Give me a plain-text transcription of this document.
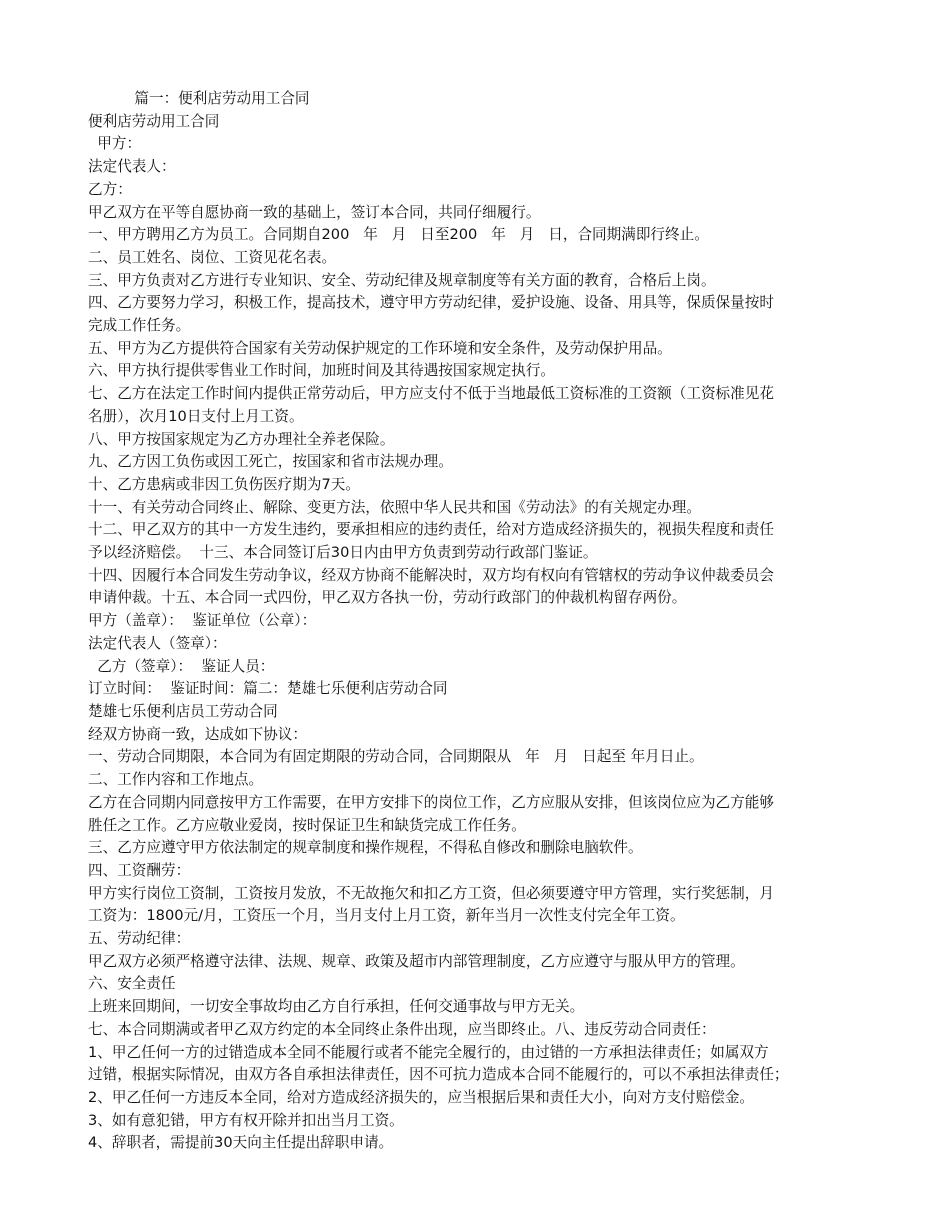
篇一：便利店劳动用工合同
便利店劳动用工合同
甲方：
法定代表人：
乙方：
甲乙双方在平等自愿协商一致的基础上，签订本合同，共同仔细履行。
一、甲方聘用乙方为员工。合同期自200   年   月   日至200   年   月   日，合同期满即行终止。
二、员工姓名、岗位、工资见花名表。
三、甲方负责对乙方进行专业知识、安全、劳动纪律及规章制度等有关方面的教育，合格后上岗。
四、乙方要努力学习，积极工作，提高技术，遵守甲方劳动纪律，爱护设施、设备、用具等，保质保量按时
完成工作任务。
五、甲方为乙方提供符合国家有关劳动保护规定的工作环境和安全条件，及劳动保护用品。
六、甲方执行提供零售业工作时间，加班时间及其待遇按国家规定执行。
七、乙方在法定工作时间内提供正常劳动后，甲方应支付不低于当地最低工资标准的工资额（工资标准见花
名册），次月10日支付上月工资。
八、甲方按国家规定为乙方办理社全养老保险。
九、乙方因工负伤或因工死亡，按国家和省市法规办理。
十、乙方患病或非因工负伤医疗期为7天。
十一、有关劳动合同终止、解除、变更方法，依照中华人民共和国《劳动法》的有关规定办理。
十二、甲乙双方的其中一方发生违约，要承担相应的违约责任，给对方造成经济损失的，视损失程度和责任
予以经济赔偿。  十三、本合同签订后30日内由甲方负责到劳动行政部门鉴证。
十四、因履行本合同发生劳动争议，经双方协商不能解决时，双方均有权向有管辖权的劳动争议仲裁委员会
申请仲裁。十五、本合同一式四份，甲乙双方各执一份，劳动行政部门的仲裁机构留存两份。
甲方（盖章）：  鉴证单位（公章）：
法定代表人（签章）：
乙方（签章）：  鉴证人员：
订立时间：  鉴证时间：篇二：楚雄七乐便利店劳动合同
楚雄七乐便利店员工劳动合同
经双方协商一致，达成如下协议：
一、劳动合同期限，本合同为有固定期限的劳动合同，合同期限从   年   月   日起至 年月日止。
二、工作内容和工作地点。
乙方在合同期内同意按甲方工作需要，在甲方安排下的岗位工作，乙方应服从安排，但该岗位应为乙方能够
胜任之工作。乙方应敬业爱岗，按时保证卫生和缺货完成工作任务。
三、乙方应遵守甲方依法制定的规章制度和操作规程，不得私自修改和删除电脑软件。
四、工资酬劳：
甲方实行岗位工资制，工资按月发放，不无故拖欠和扣乙方工资，但必须要遵守甲方管理，实行奖惩制，月
工资为：1800元/月，工资压一个月，当月支付上月工资，新年当月一次性支付完全年工资。
五、劳动纪律：
甲乙双方必须严格遵守法律、法规、规章、政策及超市内部管理制度，乙方应遵守与服从甲方的管理。
六、安全责任
上班来回期间，一切安全事故均由乙方自行承担，任何交通事故与甲方无关。
七、本合同期满或者甲乙双方约定的本全同终止条件出现，应当即终止。八、违反劳动合同责任：
1、甲乙任何一方的过错造成本全同不能履行或者不能完全履行的，由过错的一方承担法律责任；如属双方
过错，根据实际情况，由双方各自承担法律责任，因不可抗力造成本合同不能履行的，可以不承担法律责任；
2、甲乙任何一方违反本全同，给对方造成经济损失的，应当根据后果和责任大小，向对方支付赔偿金。
3、如有意犯错，甲方有权开除并扣出当月工资。
4、辞职者，需提前30天向主任提出辞职申请。
